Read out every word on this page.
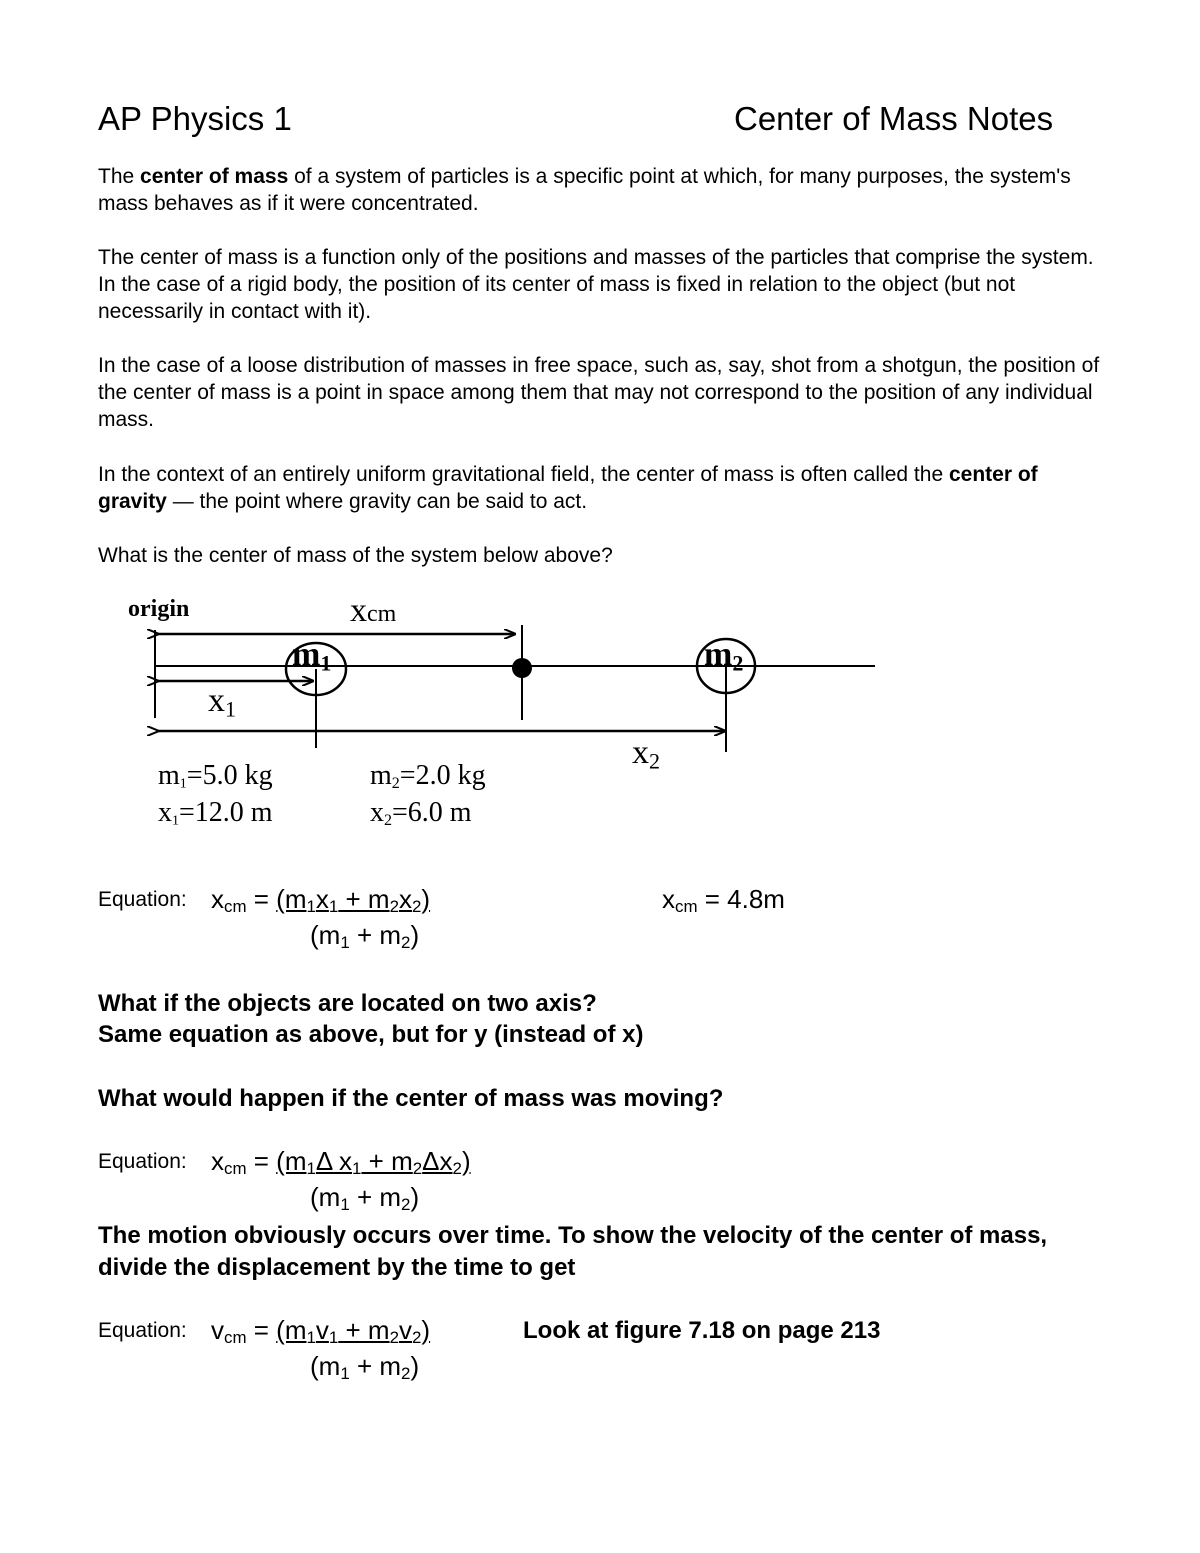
AP Physics 1	Center of Mass Notes
The center of mass of a system of particles is a specific point at which, for many purposes, the system's mass behaves as if it were concentrated.
The center of mass is a function only of the positions and masses of the particles that comprise the system. In the case of a rigid body, the position of its center of mass is fixed in relation to the object (but not necessarily in contact with it).
In the case of a loose distribution of masses in free space, such as, say, shot from a shotgun, the position of the center of mass is a point in space among them that may not correspond to the position of any individual mass.
In the context of an entirely uniform gravitational field, the center of mass is often called the center of gravity — the point where gravity can be said to act.
What is the center of mass of the system below above?
origin	xcm
$m_1$	$m_2$
$x_1$
$x_2$
$m_1=5.0$ kg
$x_1=12.0$ m
$m_2=2.0$ kg
$x_2=6.0$ m
Equation: $x_{cm} = (m_1x_1 + m_2x_2)$
$(m_1 + m_2)$
$x_{cm} = 4.8m$
What if the objects are located on two axis?
Same equation as above, but for y (instead of x)
What would happen if the center of mass was moving?
Equation: $x_{cm} = (m_1\Delta$ $x_1 + m_2\Delta x_2$)
$(m_1 + m_2)$
The motion obviously occurs over time. To show the velocity of the center of mass, divide the displacement by the time to get
Equation: $v_{cm} = (m_1v_1 + m_2v_2)$
$(m_1 + m_2)$
Look at figure 7.18 on page 213
